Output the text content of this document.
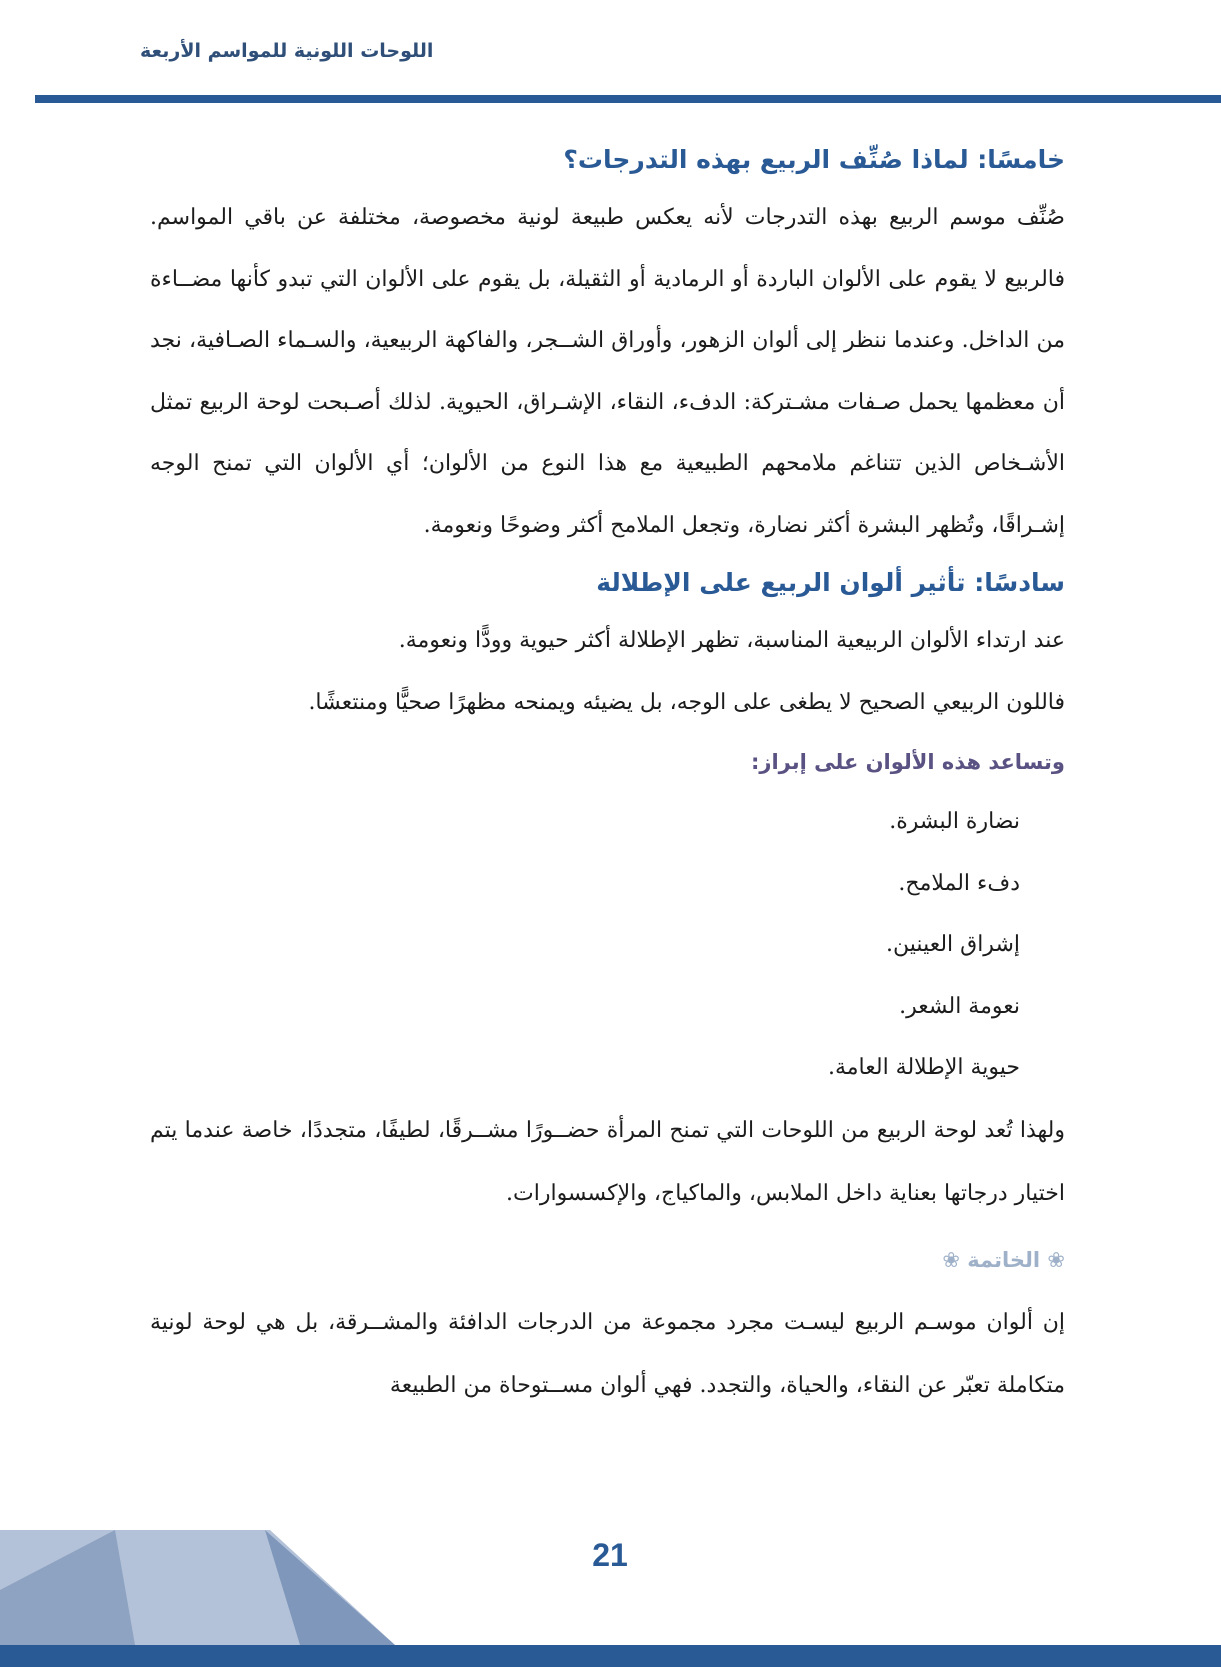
اللوحات اللونية للمواسم الأربعة
خامسًا: لماذا صُنِّف الربيع بهذه التدرجات؟

صُنِّف موسم الربيع بهذه التدرجات لأنه يعكس طبيعة لونية مخصوصة، مختلفة عن باقي المواسم. فالربيع لا يقوم على الألوان الباردة أو الرمادية أو الثقيلة، بل يقوم على الألوان التي تبدو كأنها مضــاءة من الداخل. وعندما ننظر إلى ألوان الزهور، وأوراق الشــجر، والفاكهة الربيعية، والسـماء الصـافية، نجد أن معظمها يحمل صـفات مشـتركة: الدفء، النقاء، الإشـراق، الحيوية. لذلك أصـبحت لوحة الربيع تمثل الأشـخاص الذين تتناغم ملامحهم الطبيعية مع هذا النوع من الألوان؛ أي الألوان التي تمنح الوجه إشـراقًا، وتُظهر البشرة أكثر نضارة، وتجعل الملامح أكثر وضوحًا ونعومة.

سادسًا: تأثير ألوان الربيع على الإطلالة

عند ارتداء الألوان الربيعية المناسبة، تظهر الإطلالة أكثر حيوية وودًّا ونعومة.

فاللون الربيعي الصحيح لا يطغى على الوجه، بل يضيئه ويمنحه مظهرًا صحيًّا ومنتعشًا.

وتساعد هذه الألوان على إبراز:

نضارة البشرة.
دفء الملامح.
إشراق العينين.
نعومة الشعر.
حيوية الإطلالة العامة.

ولهذا تُعد لوحة الربيع من اللوحات التي تمنح المرأة حضــورًا مشــرقًا، لطيفًا، متجددًا، خاصة عندما يتم اختيار درجاتها بعناية داخل الملابس، والماكياج، والإكسسوارات.

❀ الخاتمة ❀

إن ألوان موسـم الربيع ليسـت مجرد مجموعة من الدرجات الدافئة والمشــرقة، بل هي لوحة لونية متكاملة تعبّر عن النقاء، والحياة، والتجدد. فهي ألوان مســتوحاة من الطبيعة

21
